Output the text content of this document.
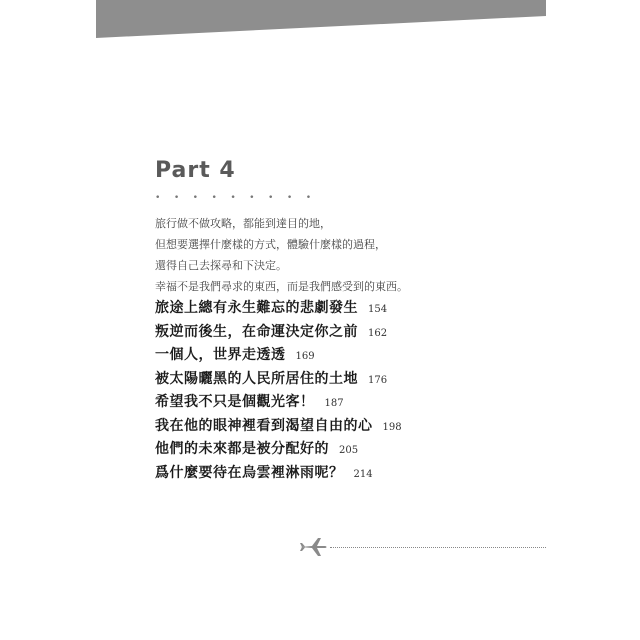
Part 4
• • • • • • • • •
旅行做不做攻略，都能到達目的地，
但想要選擇什麼樣的方式，體驗什麼樣的過程，
還得自己去探尋和下決定。
幸福不是我們尋求的東西，而是我們感受到的東西。
旅途上總有永生難忘的悲劇發生 154
叛逆而後生，在命運決定你之前 162
一個人，世界走透透 169
被太陽曬黑的人民所居住的土地 176
希望我不只是個觀光客！ 187
我在他的眼神裡看到渴望自由的心 198
他們的未來都是被分配好的 205
爲什麼要待在烏雲裡淋雨呢？ 214
